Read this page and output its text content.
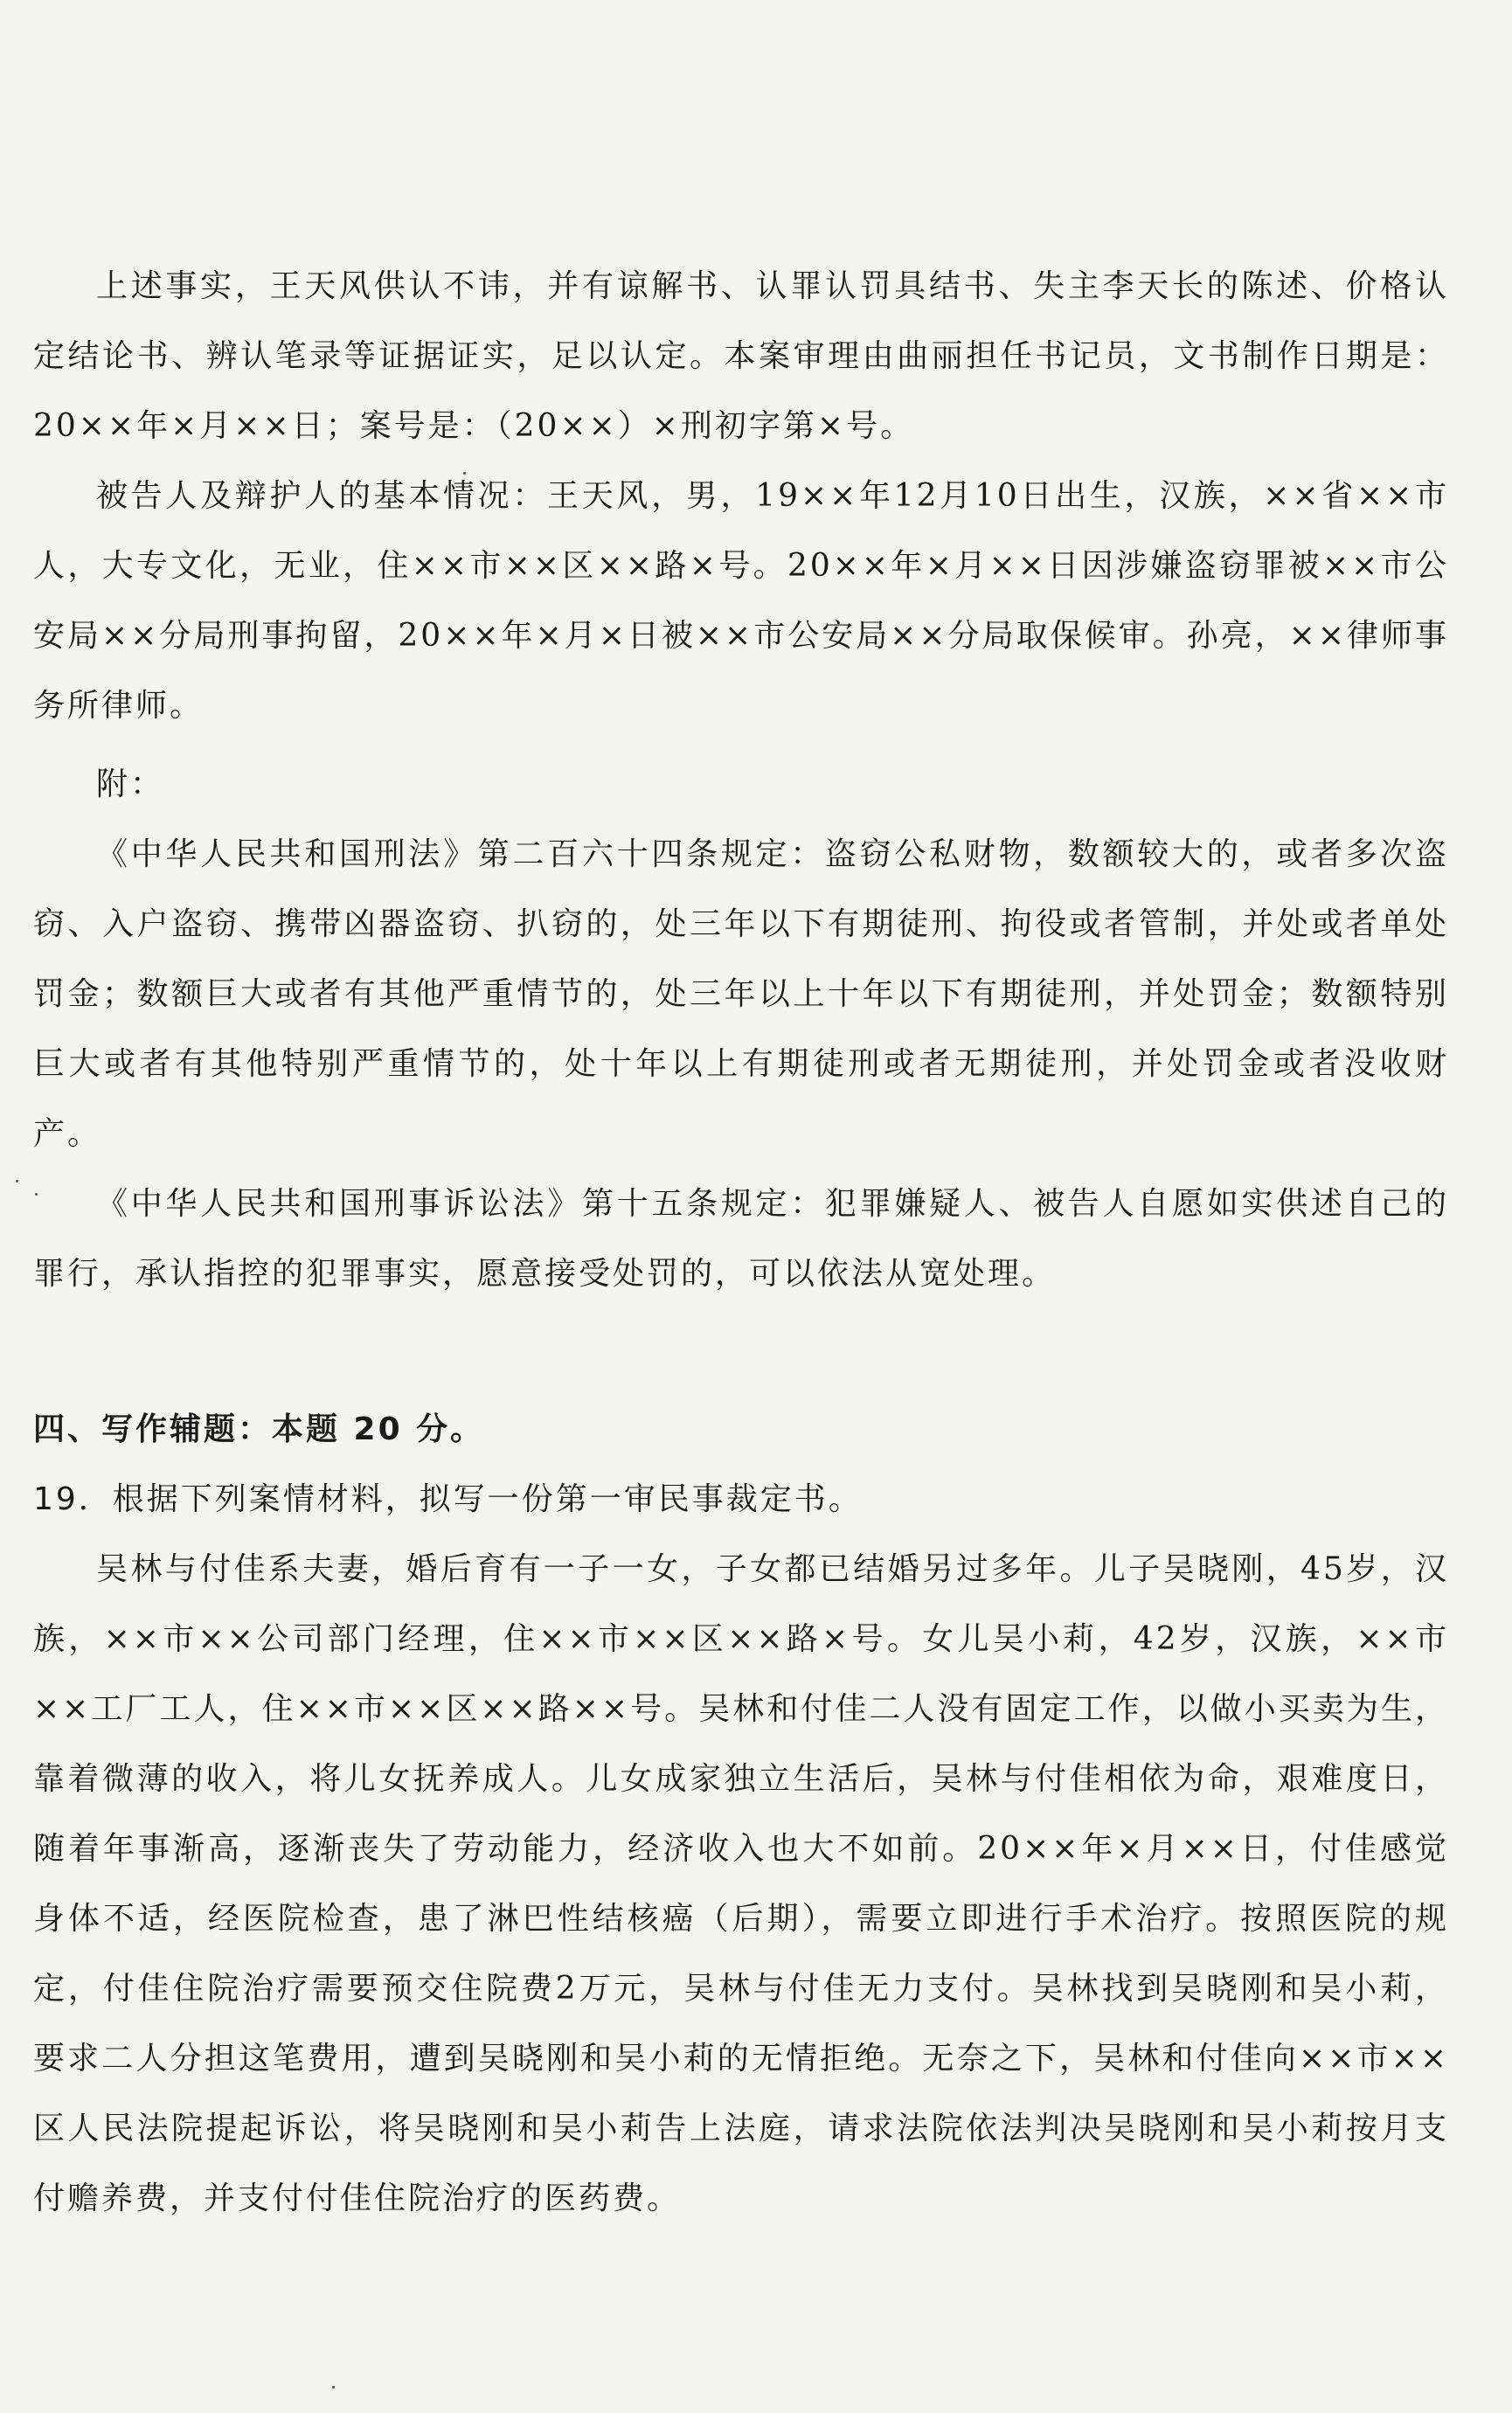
上述事实，王天风供认不讳，并有谅解书、认罪认罚具结书、失主李天长的陈述、价格认定结论书、辨认笔录等证据证实，足以认定。本案审理由曲丽担任书记员，文书制作日期是：20××年×月××日；案号是：（20××）×刑初字第×号。

被告人及辩护人的基本情况：王天风，男，19××年12月10日出生，汉族，××省××市人，大专文化，无业，住××市××区××路×号。20××年×月××日因涉嫌盗窃罪被××市公安局××分局刑事拘留，20××年×月×日被××市公安局××分局取保候审。孙亮，××律师事务所律师。

附：

《中华人民共和国刑法》第二百六十四条规定：盗窃公私财物，数额较大的，或者多次盗窃、入户盗窃、携带凶器盗窃、扒窃的，处三年以下有期徒刑、拘役或者管制，并处或者单处罚金；数额巨大或者有其他严重情节的，处三年以上十年以下有期徒刑，并处罚金；数额特别巨大或者有其他特别严重情节的，处十年以上有期徒刑或者无期徒刑，并处罚金或者没收财产。

《中华人民共和国刑事诉讼法》第十五条规定：犯罪嫌疑人、被告人自愿如实供述自己的罪行，承认指控的犯罪事实，愿意接受处罚的，可以依法从宽处理。

四、写作辅题：本题 20 分。

19．根据下列案情材料，拟写一份第一审民事裁定书。

吴林与付佳系夫妻，婚后育有一子一女，子女都已结婚另过多年。儿子吴晓刚，45岁，汉族，××市××公司部门经理，住××市××区××路×号。女儿吴小莉，42岁，汉族，××市××工厂工人，住××市××区××路××号。吴林和付佳二人没有固定工作，以做小买卖为生，靠着微薄的收入，将儿女抚养成人。儿女成家独立生活后，吴林与付佳相依为命，艰难度日，随着年事渐高，逐渐丧失了劳动能力，经济收入也大不如前。20××年×月××日，付佳感觉身体不适，经医院检查，患了淋巴性结核癌（后期），需要立即进行手术治疗。按照医院的规定，付佳住院治疗需要预交住院费2万元，吴林与付佳无力支付。吴林找到吴晓刚和吴小莉，要求二人分担这笔费用，遭到吴晓刚和吴小莉的无情拒绝。无奈之下，吴林和付佳向××市××区人民法院提起诉讼，将吴晓刚和吴小莉告上法庭，请求法院依法判决吴晓刚和吴小莉按月支付赡养费，并支付付佳住院治疗的医药费。
